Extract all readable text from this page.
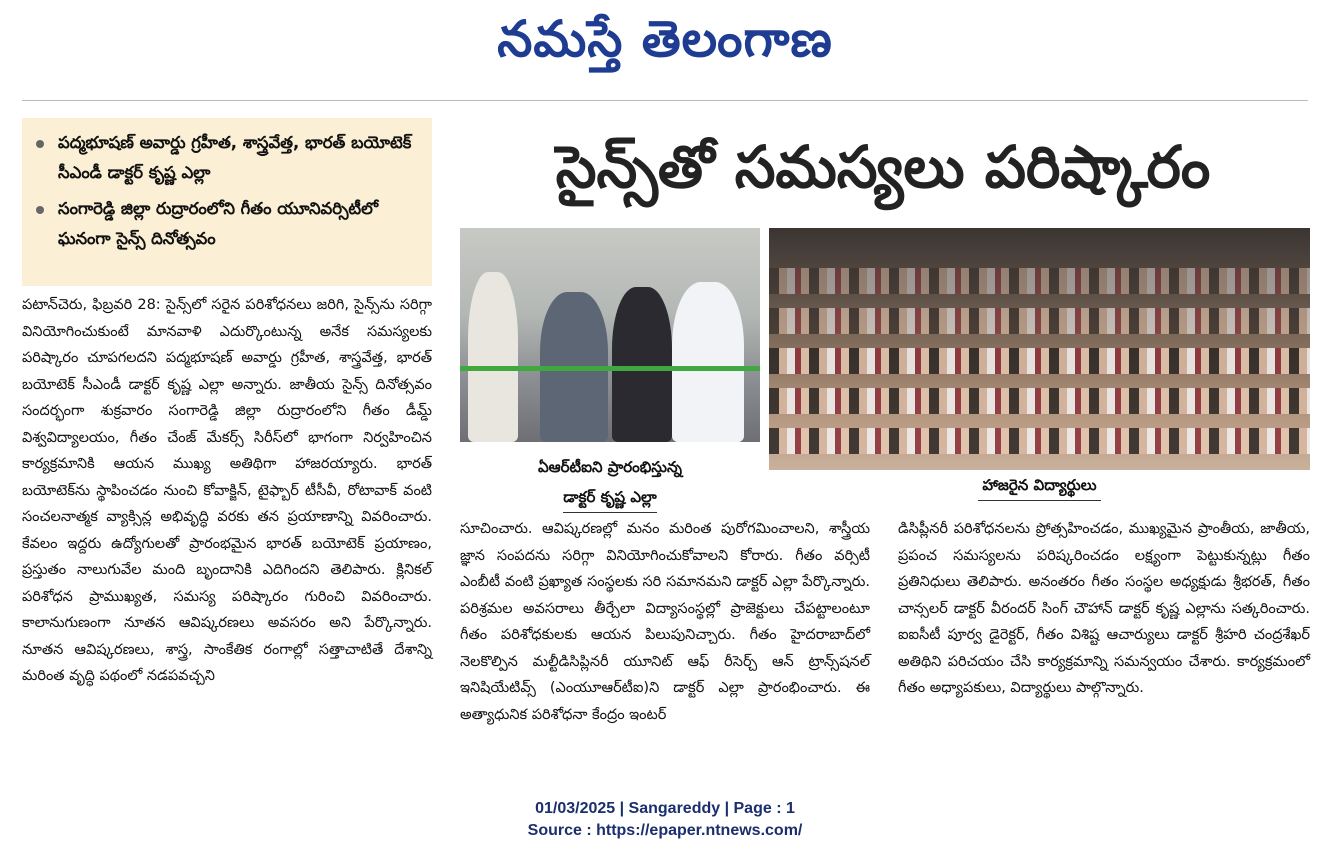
నమస్తే తెలంగాణ
పద్మభూషణ్ అవార్డు గ్రహీత, శాస్త్రవేత్త, భారత్ బయోటెక్ సీఎండీ డాక్టర్ కృష్ణ ఎల్లా
సంగారెడ్డి జిల్లా రుద్రారంలోని గీతం యూనివర్సిటీలో ఘనంగా సైన్స్ దినోత్సవం
సైన్స్‌తో సమస్యలు పరిష్కారం
ఏఆర్‌టీఐని ప్రారంభిస్తున్న
డాక్టర్ కృష్ణ ఎల్లా
హాజరైన విద్యార్థులు
పటాన్‌చెరు, ఫిబ్రవరి 28: సైన్స్‌లో సరైన పరిశోధనలు జరిగి, సైన్స్‌ను సరిగ్గా వినియోగించుకుంటే మానవాళి ఎదుర్కొంటున్న అనేక సమస్యలకు పరిష్కారం చూపగలదని పద్మభూషణ్ అవార్డు గ్రహీత, శాస్త్రవేత్త, భారత్ బయోటెక్ సీఎండీ డాక్టర్ కృష్ణ ఎల్లా అన్నారు. జాతీయ సైన్స్ దినోత్సవం సందర్భంగా శుక్రవారం సంగారెడ్డి జిల్లా రుద్రారంలోని గీతం డీమ్డ్ విశ్వవిద్యాలయం, గీతం చేంజ్ మేకర్స్ సిరీస్‌లో భాగంగా నిర్వహించిన కార్యక్రమానికి ఆయన ముఖ్య అతిథిగా హాజరయ్యారు. భారత్ బయోటెక్‌ను స్థాపించడం నుంచి కోవాక్జిన్, టైఫ్బార్ టీసీవీ, రోటావాక్ వంటి సంచలనాత్మక వ్యాక్సిన్ల అభివృద్ధి వరకు తన ప్రయాణాన్ని వివరించారు. కేవలం ఇద్దరు ఉద్యోగులతో ప్రారంభమైన భారత్ బయోటెక్ ప్రయాణం, ప్రస్తుతం నాలుగువేల మంది బృందానికి ఎదిగిందని తెలిపారు. క్లినికల్ పరిశోధన ప్రాముఖ్యత, సమస్య పరిష్కారం గురించి వివరించారు. కాలానుగుణంగా నూతన ఆవిష్కరణలు అవసరం అని పేర్కొన్నారు. నూతన ఆవిష్కరణలు, శాస్త్ర, సాంకేతిక రంగాల్లో సత్తాచాటితే దేశాన్ని మరింత వృద్ధి పథంలో నడపవచ్చని
సూచించారు. ఆవిష్కరణల్లో మనం మరింత పురోగమించాలని, శాస్త్రీయ జ్ఞాన సంపదను సరిగ్గా వినియోగించుకోవాలని కోరారు. గీతం వర్సిటీ ఎంబీటీ వంటి ప్రఖ్యాత సంస్థలకు సరి సమానమని డాక్టర్ ఎల్లా పేర్కొన్నారు. పరిశ్రమల అవసరాలు తీర్చేలా విద్యాసంస్థల్లో ప్రాజెక్టులు చేపట్టాలంటూ గీతం పరిశోధకులకు ఆయన పిలుపునిచ్చారు. గీతం హైదరాబాద్‌లో నెలకొల్పిన మల్టీడిసిప్లినరీ యూనిట్ ఆఫ్ రీసెర్చ్ ఆన్ ట్రాన్స్‌షనల్ ఇనిషియేటివ్స్ (ఎంయూఆర్‌టీఐ)ని డాక్టర్ ఎల్లా ప్రారంభించారు. ఈ అత్యాధునిక పరిశోధనా కేంద్రం ఇంటర్
డిసిప్లీనరీ పరిశోధనలను ప్రోత్సహించడం, ముఖ్యమైన ప్రాంతీయ, జాతీయ, ప్రపంచ సమస్యలను పరిష్కరించడం లక్ష్యంగా పెట్టుకున్నట్లు గీతం ప్రతినిధులు తెలిపారు. అనంతరం గీతం సంస్థల అధ్యక్షుడు శ్రీభరత్, గీతం చాన్సలర్ డాక్టర్ వీరందర్ సింగ్ చౌహాన్ డాక్టర్ కృష్ణ ఎల్లాను సత్కరించారు. ఐఐసీటీ పూర్వ డైరెక్టర్, గీతం విశిష్ట ఆచార్యులు డాక్టర్ శ్రీహరి చంద్రశేఖర్ అతిథిని పరిచయం చేసి కార్యక్రమాన్ని సమన్వయం చేశారు. కార్యక్రమంలో గీతం అధ్యాపకులు, విద్యార్థులు పాల్గొన్నారు.
01/03/2025 | Sangareddy | Page : 1
Source : https://epaper.ntnews.com/
